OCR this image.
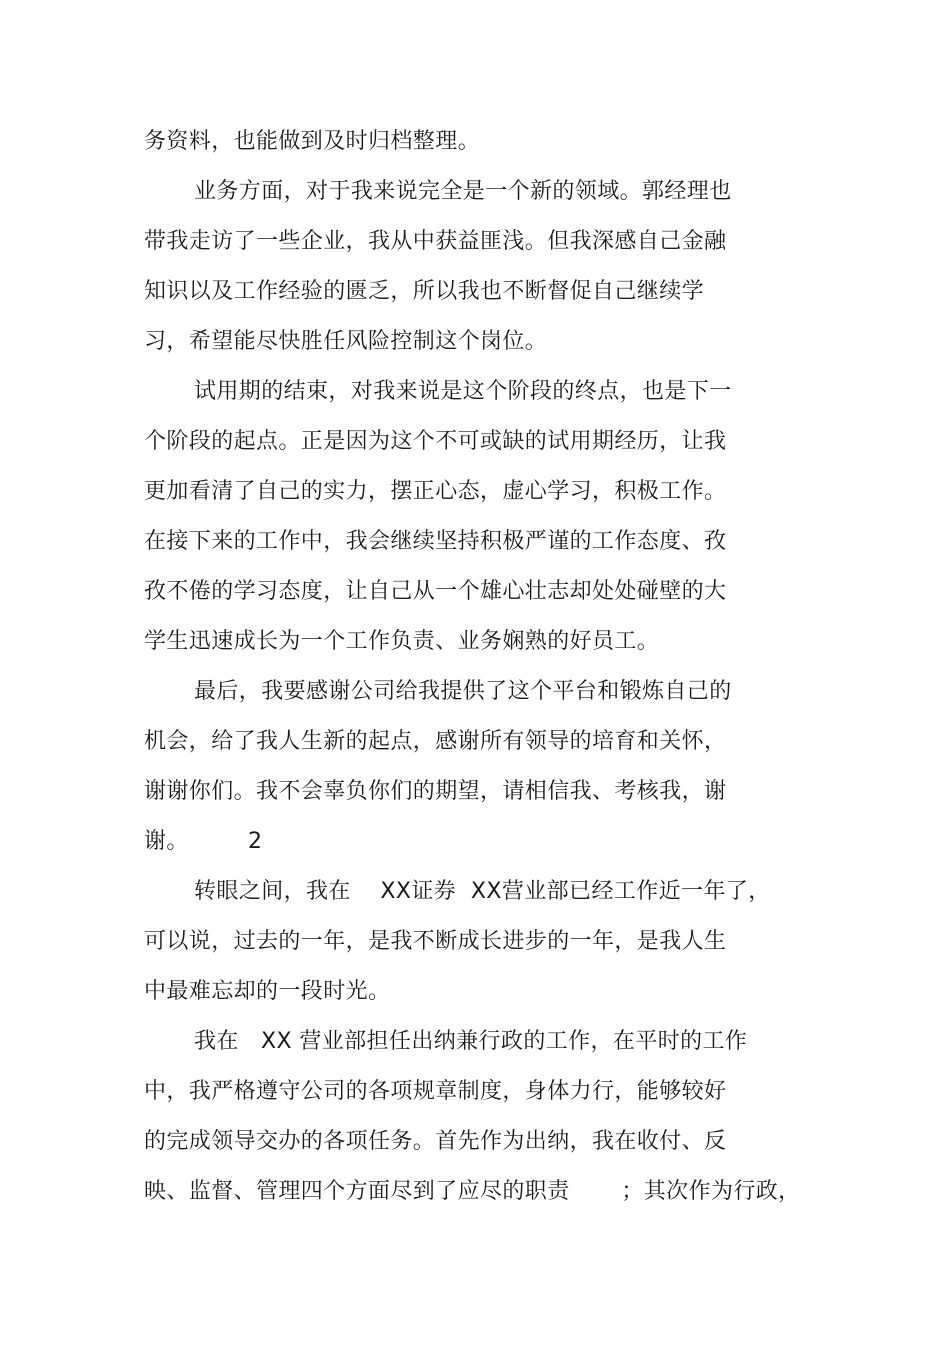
务资料，也能做到及时归档整理。
业务方面，对于我来说完全是一个新的领域。郭经理也
带我走访了一些企业，我从中获益匪浅。但我深感自己金融
知识以及工作经验的匮乏，所以我也不断督促自己继续学
习，希望能尽快胜任风险控制这个岗位。
试用期的结束，对我来说是这个阶段的终点，也是下一
个阶段的起点。正是因为这个不可或缺的试用期经历，让我
更加看清了自己的实力，摆正心态，虚心学习，积极工作。
在接下来的工作中，我会继续坚持积极严谨的工作态度、孜
孜不倦的学习态度，让自己从一个雄心壮志却处处碰壁的大
学生迅速成长为一个工作负责、业务娴熟的好员工。
最后，我要感谢公司给我提供了这个平台和锻炼自己的
机会，给了我人生新的起点，感谢所有领导的培育和关怀，
谢谢你们。我不会辜负你们的期望，请相信我、考核我，谢
谢。        2
转眼之间，我在    XX证券  XX营业部已经工作近一年了，
可以说，过去的一年，是我不断成长进步的一年，是我人生
中最难忘却的一段时光。
我在   XX 营业部担任出纳兼行政的工作，在平时的工作
中，我严格遵守公司的各项规章制度，身体力行，能够较好
的完成领导交办的各项任务。首先作为出纳，我在收付、反
映、监督、管理四个方面尽到了应尽的职责       ；其次作为行政，
